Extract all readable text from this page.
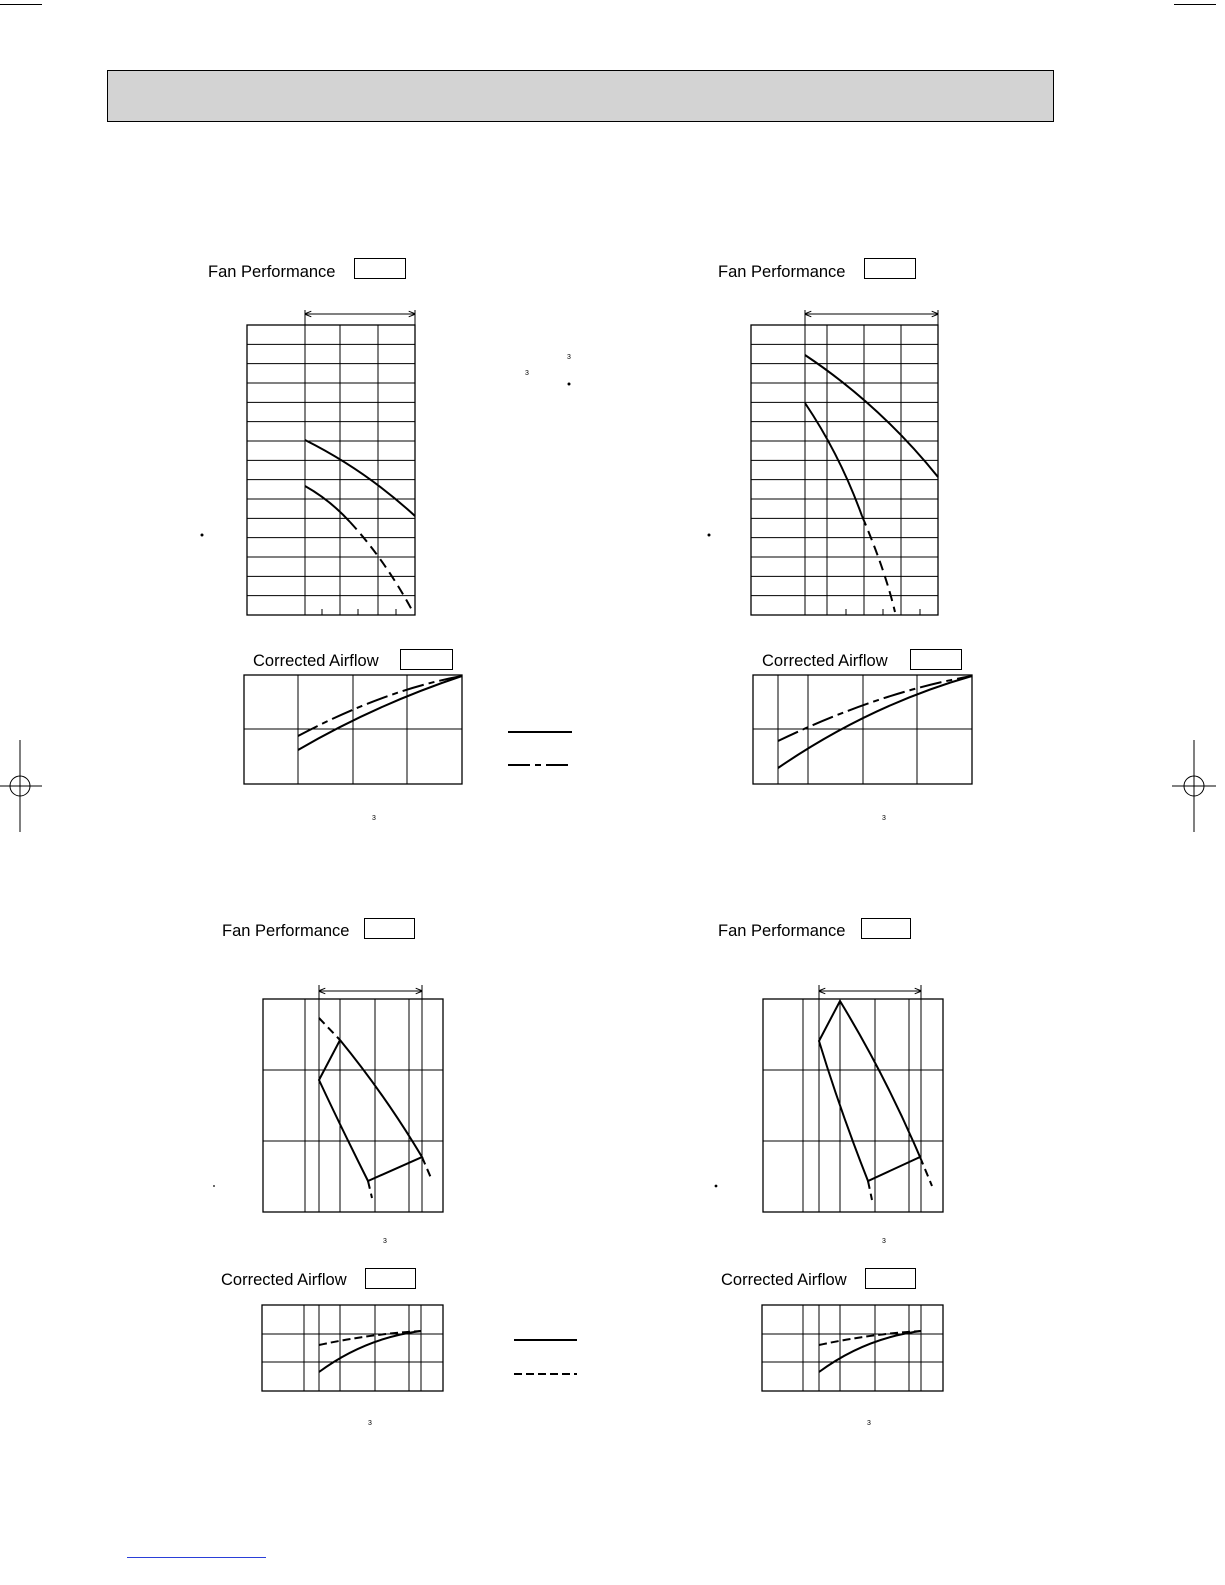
Fan Performance
Corrected Airflow
3
3
3
Fan Performance
Corrected Airflow
3
Fan Performance
3
Corrected Airflow
3
Fan Performance
3
Corrected Airflow
3
